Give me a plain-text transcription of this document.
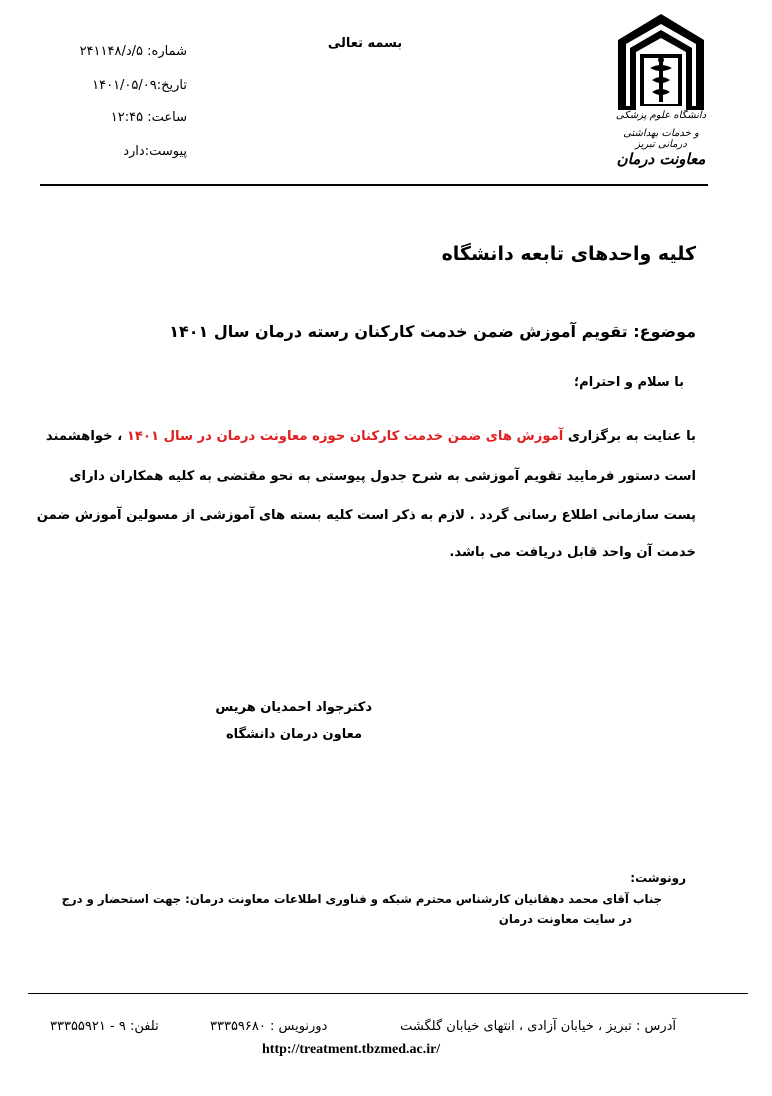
دانشگاه علوم پزشکی
و خدمات بهداشتی درمانی تبریز
معاونت درمان
بسمه تعالی
شماره: ۵/د/۲۴۱۱۴۸
تاریخ:۱۴۰۱/۰۵/۰۹
ساعت: ۱۲:۴۵
پیوست:دارد
کلیه واحدهای تابعه دانشگاه
موضوع: تقویم آموزش ضمن خدمت کارکنان رسته درمان سال ۱۴۰۱
با سلام و احترام؛
با عنایت به برگزاری آموزش های ضمن خدمت کارکنان حوزه معاونت درمان در سال ۱۴۰۱ ، خواهشمند
است دستور فرمایید تقویم آموزشی به شرح جدول پیوستی به نحو مقتضی به کلیه همکاران دارای
پست سازمانی اطلاع رسانی گردد . لازم به ذکر است کلیه بسته های آموزشی از مسولین آموزش ضمن
خدمت آن واحد قابل دریافت می باشد.
دکترجواد احمدیان هریس
معاون درمان دانشگاه
رونوشت:
جناب آقای محمد دهقانیان کارشناس محترم شبکه و فناوری اطلاعات معاونت درمان: جهت استحضار و درج
در سایت معاونت درمان
آدرس : تبریز ، خیابان آزادی ، انتهای خیابان گلگشت
دورنویس : ۳۳۳۵۹۶۸۰
تلفن: ۹ - ۳۳۳۵۵۹۲۱
http://treatment.tbzmed.ac.ir/
